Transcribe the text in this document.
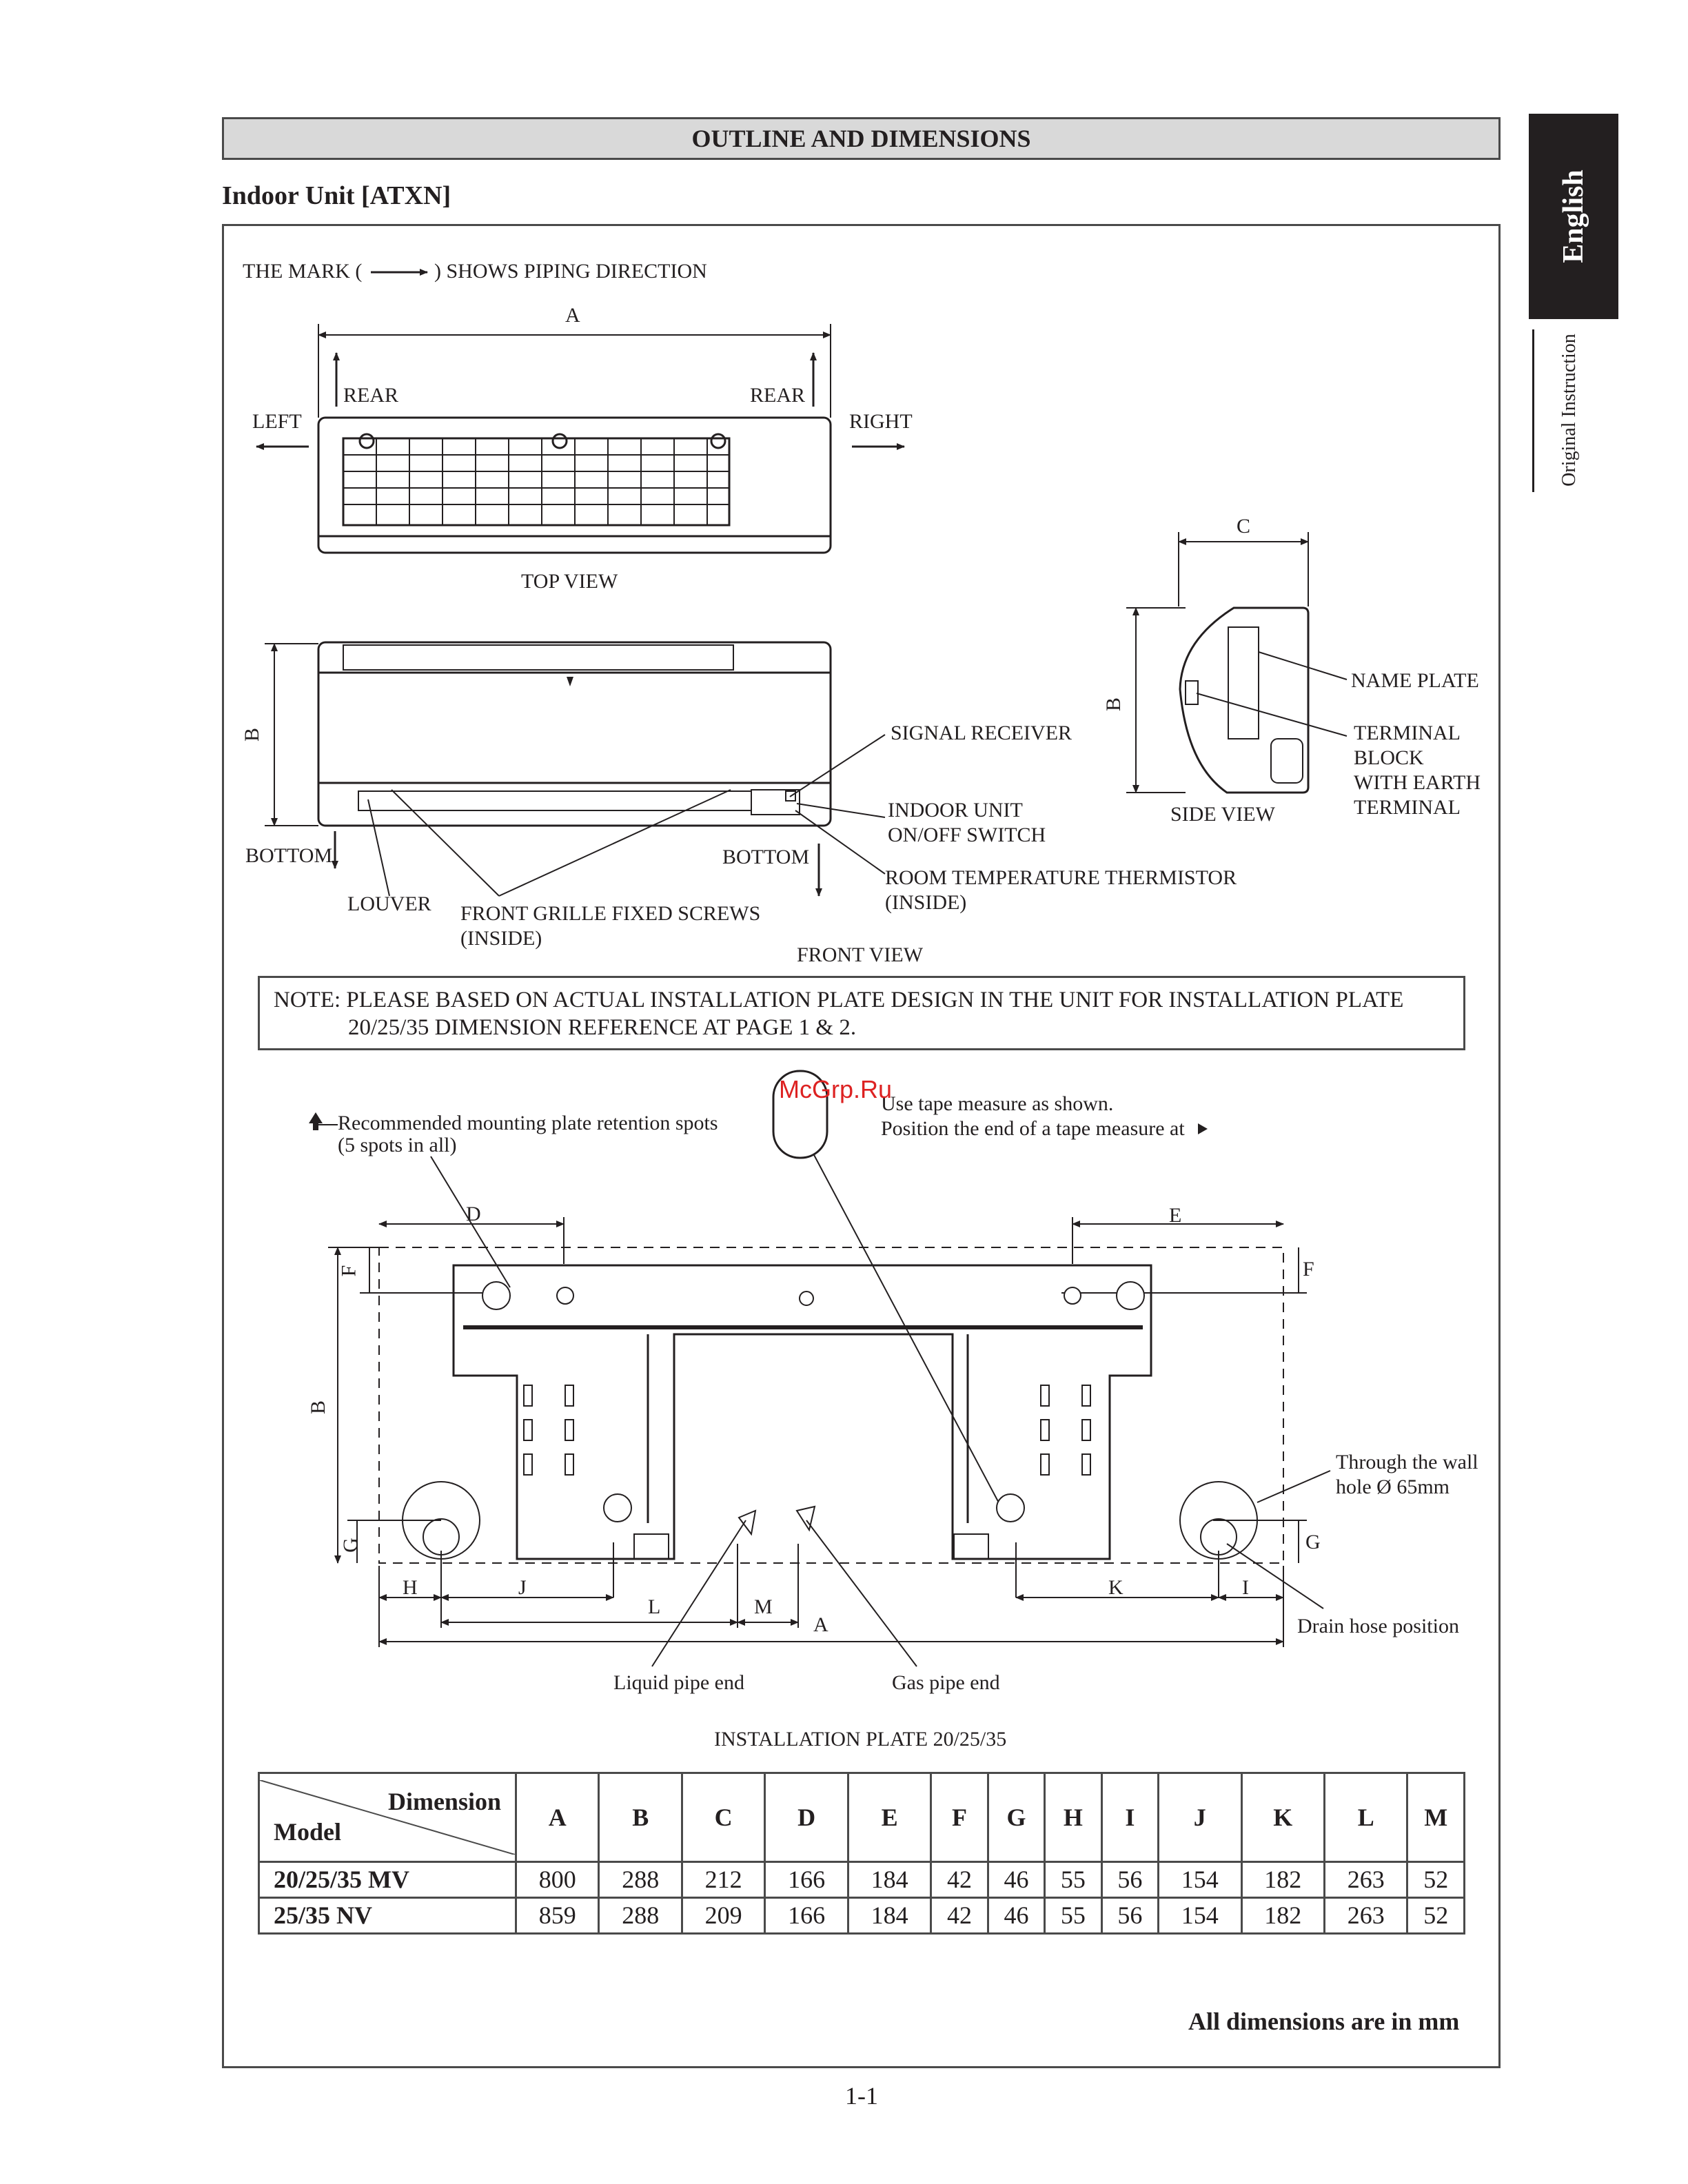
OUTLINE AND DIMENSIONS
Indoor Unit [ATXN]	English
Original Instruction
THE MARK (	) SHOWS PIPING DIRECTION
A
REAR	REAR
LEFT	RIGHT
TOP VIEW
B	SIGNAL RECEIVER
INDOOR UNIT
ON/OFF SWITCH
BOTTOM	BOTTOM
ROOM TEMPERATURE THERMISTOR
(INSIDE)
LOUVER FRONT GRILLE FIXED SCREWS
(INSIDE)
FRONT VIEW
C
B
NAME PLATE
TERMINAL
BLOCK
WITH EARTH
TERMINAL
SIDE VIEW
NOTE: PLEASE BASED ON ACTUAL INSTALLATION PLATE DESIGN IN THE UNIT FOR INSTALLATION PLATE
20/25/35 DIMENSION REFERENCE AT PAGE 1 & 2.
Recommended mounting plate retention spots
(5 spots in all)
Use tape measure as shown.
Position the end of a tape measure at
D	E
F	F
B
G	G
Through the wall
hole Ø 65mm
H	J	K	I
L	M
A	Drain hose position
Liquid pipe end	Gas pipe end
INSTALLATION PLATE 20/25/35
McGrp.Ru
Dimension
Model	A	B	C	D	E	F	G	H	I	J	K	L	M
20/25/35 MV	800	288	212	166	184	42	46	55	56	154	182	263	52
25/35 NV	859	288	209	166	184	42	46	55	56	154	182	263	52
All dimensions are in mm
1-1
